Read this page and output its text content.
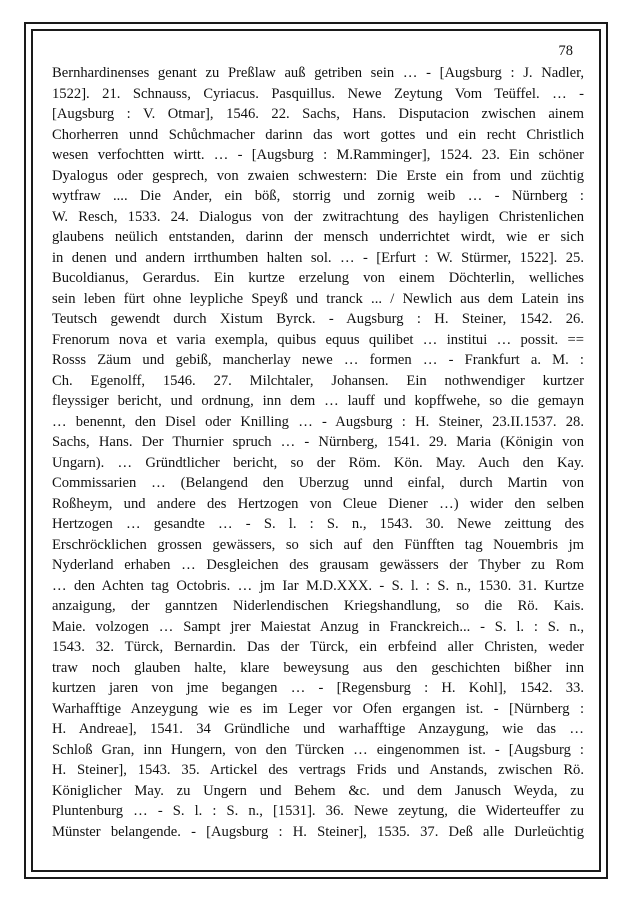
78
Bernhardinenses genant zu Preßlaw auß getriben sein … - [Augsburg : J. Nadler,
1522]. 21. Schnauss, Cyriacus. Pasquillus. Newe Zeytung Vom Teüffel. … -
[Augsburg : V. Otmar], 1546. 22. Sachs, Hans. Disputacion zwischen ainem
Chorherren unnd Schůchmacher darinn das wort gottes und ein recht Christlich
wesen verfochtten wirtt. … - [Augsburg : M.Ramminger], 1524. 23. Ein schöner
Dyalogus oder gesprech, von zwaien schwestern: Die Erste ein from und züchtig
wytfraw .... Die Ander, ein böß, storrig und zornig weib … - Nürnberg :
W. Resch, 1533. 24. Dialogus von der zwitrachtung des hayligen Christenlichen
glaubens neülich entstanden, darinn der mensch underrichtet wirdt, wie er sich
in denen und andern irrthumben halten sol. … - [Erfurt : W. Stürmer, 1522]. 25.
Bucoldianus, Gerardus. Ein kurtze erzelung von einem Döchterlin, welliches
sein leben fürt ohne leypliche Speyß und tranck ... / Newlich aus dem Latein ins
Teutsch gewendt durch Xistum Byrck. - Augsburg : H. Steiner, 1542. 26.
Frenorum nova et varia exempla, quibus equus quilibet … institui … possit. ==
Rosss Zäum und gebiß, mancherlay newe … formen … - Frankfurt a. M. :
Ch. Egenolff, 1546. 27. Milchtaler, Johansen. Ein nothwendiger kurtzer
fleyssiger bericht, und ordnung, inn dem … lauff und kopffwehe, so die gemayn
… benennt, den Disel oder Knilling … - Augsburg : H. Steiner, 23.II.1537. 28.
Sachs, Hans. Der Thurnier spruch … - Nürnberg, 1541. 29. Maria (Königin von
Ungarn). … Gründtlicher bericht, so der Röm. Kön. May. Auch den Kay.
Commissarien … (Belangend den Uberzug unnd einfal, durch Martin von
Roßheym, und andere des Hertzogen von Cleue Diener …) wider den selben
Hertzogen … gesandte … - S. l. : S. n., 1543. 30. Newe zeittung des
Erschröcklichen grossen gewässers, so sich auf den Fünfften tag Nouembris jm
Nyderland erhaben … Desgleichen des grausam gewässers der Thyber zu Rom
… den Achten tag Octobris. … jm Iar M.D.XXX. - S. l. : S. n., 1530. 31. Kurtze
anzaigung, der ganntzen Niderlendischen Kriegshandlung, so die Rö. Kais.
Maie. volzogen … Sampt jrer Maiestat Anzug in Franckreich... - S. l. : S. n.,
1543. 32. Türck, Bernardin. Das der Türck, ein erbfeind aller Christen, weder
traw noch glauben halte, klare beweysung aus den geschichten bißher inn
kurtzen jaren von jme begangen … - [Regensburg : H. Kohl], 1542. 33.
Warhafftige Anzeygung wie es im Leger vor Ofen ergangen ist. - [Nürnberg :
H. Andreae], 1541. 34 Gründliche und warhafftige Anzaygung, wie das …
Schloß Gran, inn Hungern, von den Türcken … eingenommen ist. - [Augsburg :
H. Steiner], 1543. 35. Artickel des vertrags Frids und Anstands, zwischen Rö.
Königlicher May. zu Ungern und Behem &c. und dem Janusch Weyda, zu
Pluntenburg … - S. l. : S. n., [1531]. 36. Newe zeytung, die Widerteuffer zu
Münster belangende. - [Augsburg : H. Steiner], 1535. 37. Deß alle Durleüchtig
